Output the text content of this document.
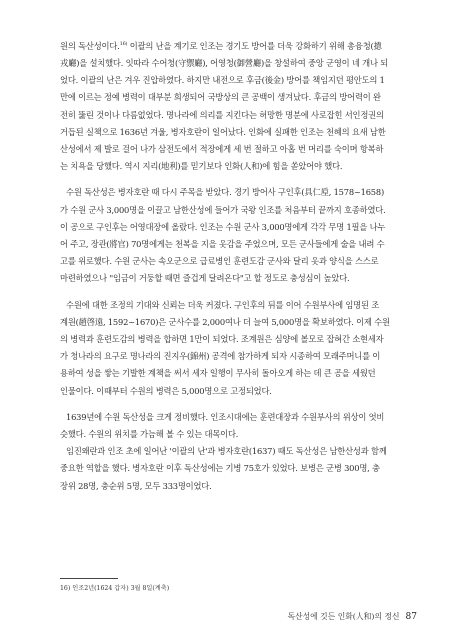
원의 독산성이다.$^{16)}$ 이괄의 난을 계기로 인조는 경기도 방어를 더욱 강화하기 위해 총융청(摠
戎廳)을 설치했다. 잇따라 수어청(守禦廳), 어영청(御營廳)을 창설하여 중앙 군영이 네 개나 되
었다. 이괄의 난은 겨우 진압하였다. 하지만 내전으로 후금(後金) 방어를 책임지던 평안도의 1
만에 이르는 정예 병력이 대부분 희생되어 국방상의 큰 공백이 생겨났다. 후금의 방어력이 완
전히 뚫린 것이나 다름없었다. 명나라에 의리를 지킨다는 허망한 명분에 사로잡힌 서인정권의
거듭된 실책으로 1636년 겨울, 병자호란이 일어났다. 인화에 실패한 인조는 천혜의 요새 남한
산성에서 제 발로 걸어 나가 삼전도에서 적장에게 세 번 절하고 아홉 번 머리를 숙이며 항복하
는 치욕을 당했다. 역시 지리(地利)를 믿기보다 인화(人和)에 힘을 쏟았어야 했다.

수원 독산성은 병자호란 때 다시 주목을 받았다. 경기 방어사 구인후(具仁垕, 1578~1658)
가 수원 군사 3,000명을 이끌고 남한산성에 들어가 국왕 인조를 처음부터 끝까지 호종하였다.
이 공으로 구인후는 어영대장에 올랐다. 인조는 수원 군사 3,000명에게 각각 무명 1필을 나누
어 주고, 장관(將官) 70명에게는 천복을 지을 옷감을 주었으며, 모든 군사들에게 술을 내려 수
고를 위로했다. 수원 군사는 속오군으로 급료병인 훈련도감 군사와 달리 옷과 양식을 스스로
마련하였으나 "임금이 거둥할 때면 즐겁게 달려온다"고 할 정도로 충성심이 높았다.

수원에 대한 조정의 기대와 신뢰는 더욱 커졌다. 구인후의 뒤를 이어 수원부사에 임명된 조
계원(趙啓遠, 1592~1670)은 군사수를 2,000여나 더 늘여 5,000명을 확보하였다. 이제 수원
의 병력과 훈련도감의 병력을 합하면 1만이 되었다. 조계원은 심양에 볼모로 잡혀간 소현세자
가 청나라의 요구로 명나라의 진지우(錦州) 공격에 참가하게 되자 시종하여 모래주머니를 이
용하여 성을 쌓는 기발한 계책을 써서 세자 일행이 무사히 돌아오게 하는 데 큰 공을 세웠던
인물이다. 이때부터 수원의 병력은 5,000명으로 고정되었다.

1639년에 수원 독산성을 크게 정비했다. 인조시대에는 훈련대장과 수원부사의 위상이 엇비
슷했다. 수원의 위치를 가늠해 볼 수 있는 대목이다.

임진왜란과 인조 초에 일어난 '이괄의 난'과 병자호란(1637) 때도 독산성은 남한산성과 함께
중요한 역할을 했다. 병자호란 이후 독산성에는 기병 75호가 있었다. 보병은 군병 300명, 충
장위 28명, 충순위 5명, 모두 333명이었다.

16) 인조2년(1624 갑자) 3월 8일(계축)
독산성에 깃든 인화(人和)의 정신 87
